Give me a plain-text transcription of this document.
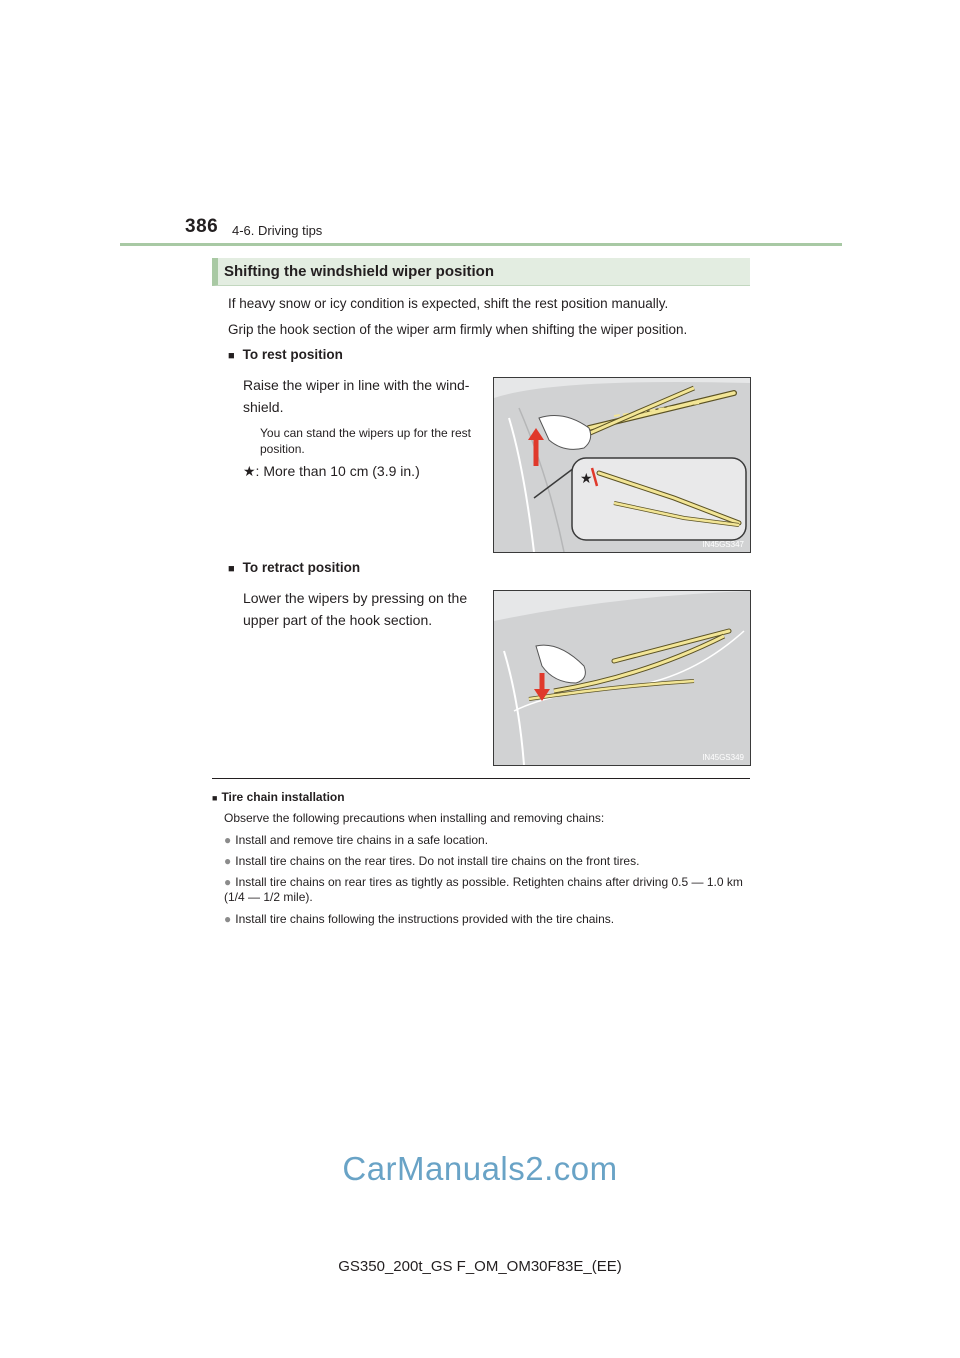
386 4-6. Driving tips
Shifting the windshield wiper position
If heavy snow or icy condition is expected, shift the rest position manually.
Grip the hook section of the wiper arm firmly when shifting the wiper position.
■ To rest position
Raise the wiper in line with the wind-
shield.
You can stand the wipers up for the rest position.
★: More than 10 cm (3.9 in.)	★
IN45GS347
■ To retract position
Lower the wipers by pressing on the
upper part of the hook section.
IN45GS349
■ Tire chain installation
Observe the following precautions when installing and removing chains:
● Install and remove tire chains in a safe location.
● Install tire chains on the rear tires. Do not install tire chains on the front tires.
● Install tire chains on rear tires as tightly as possible. Retighten chains after driving 0.5 — 1.0 km (1/4 — 1/2 mile).
● Install tire chains following the instructions provided with the tire chains.
CarManuals2.com
GS350_200t_GS F_OM_OM30F83E_(EE)
